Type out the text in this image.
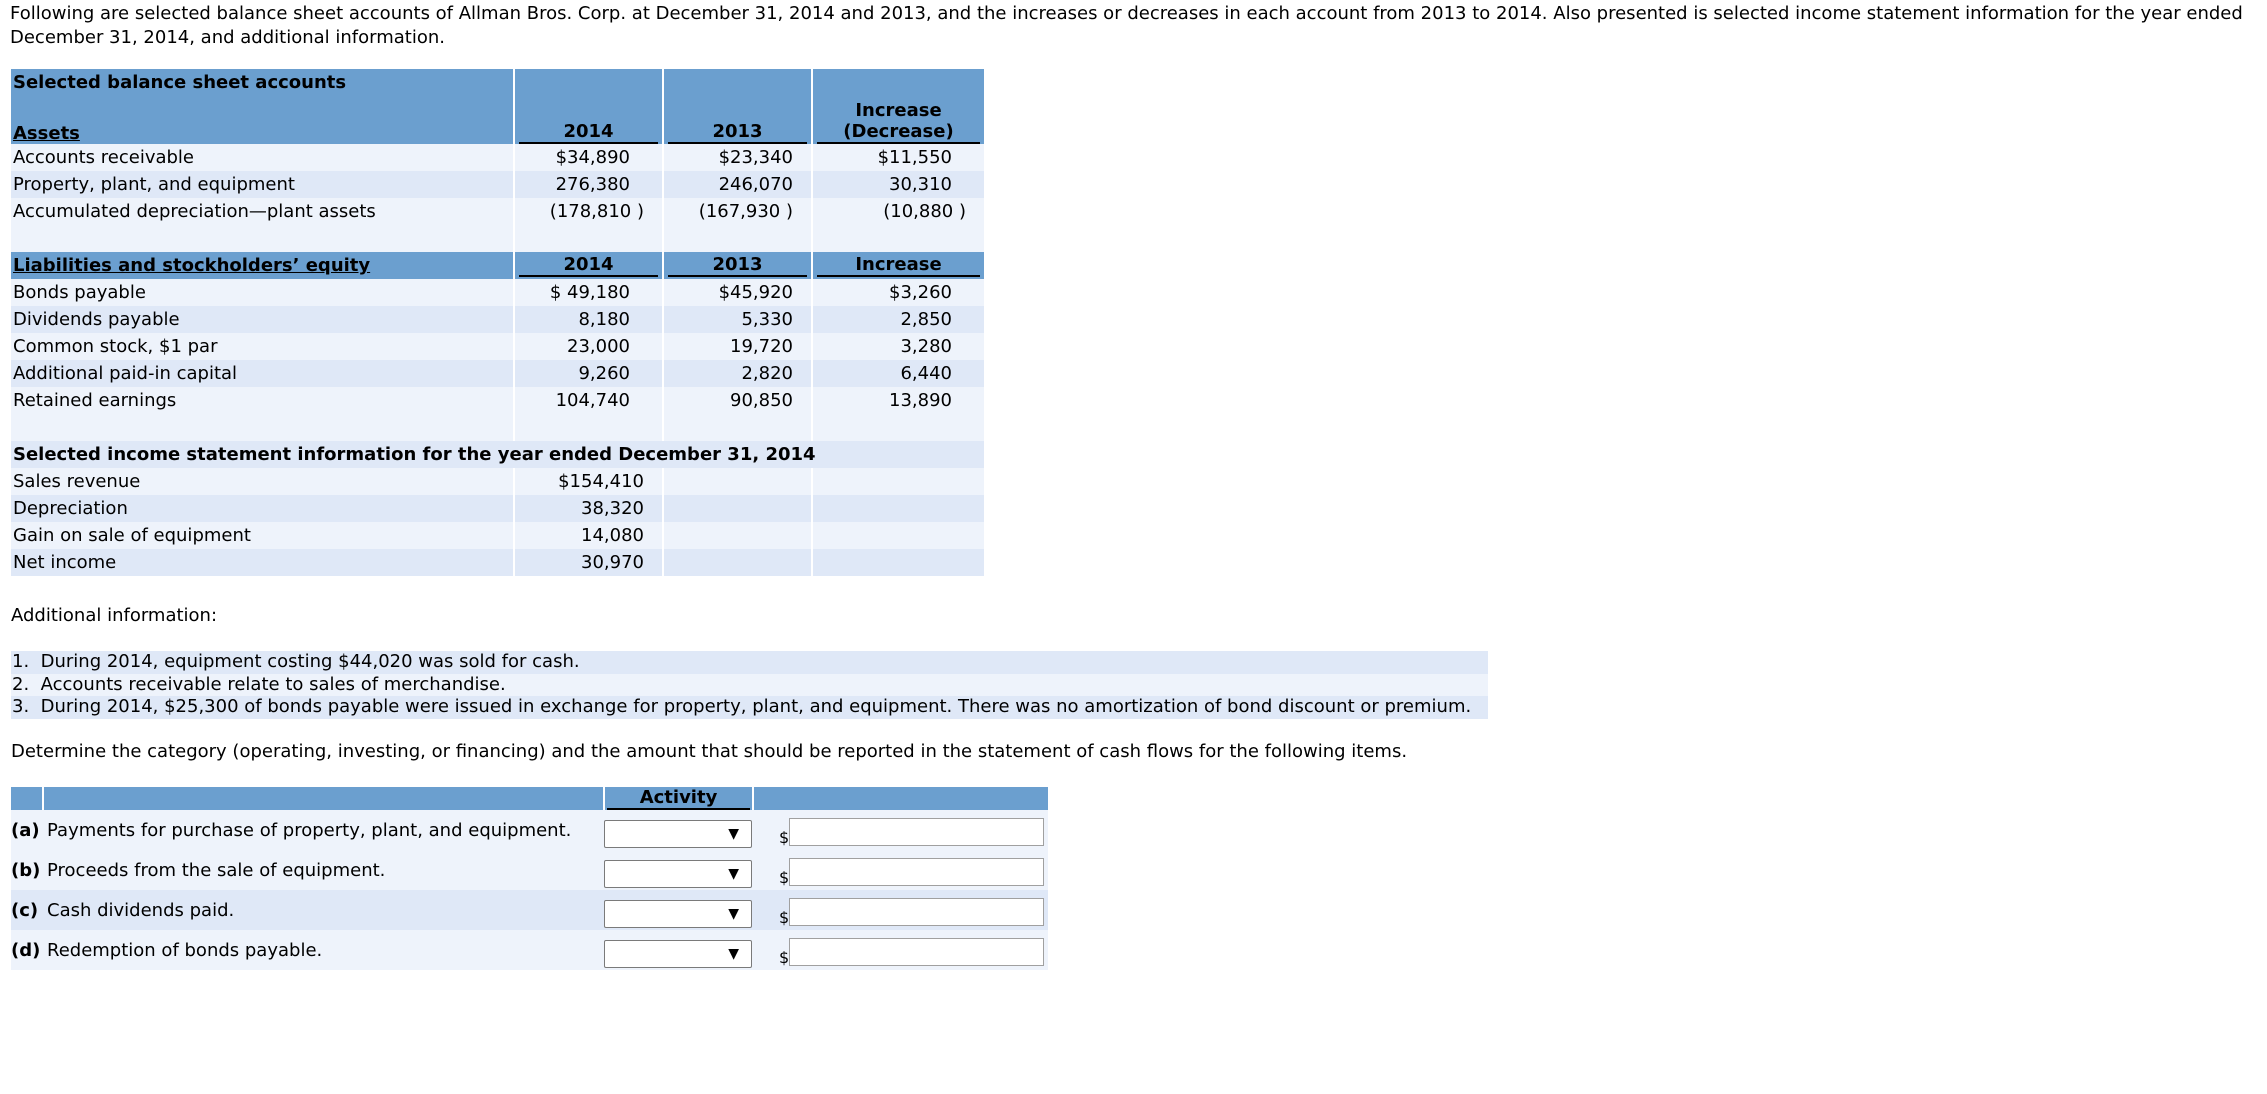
Following are selected balance sheet accounts of Allman Bros. Corp. at December 31, 2014 and 2013, and the increases or decreases in each account from 2013 to 2014. Also presented is selected income statement information for the year ended December 31, 2014, and additional information.
Selected balance sheet accounts			
Assets	2014	2013	Increase
(Decrease)

Accounts receivable	$34,890	$23,340	$11,550
Property, plant, and equipment	276,380	246,070	30,310
Accumulated depreciation—plant assets	(178,810 )	(167,930 )	(10,880 )

Liabilities and stockholders’ equity	2014	2013	Increase

Bonds payable	$ 49,180	$45,920	$3,260
Dividends payable	8,180	5,330	2,850
Common stock, $1 par	23,000	19,720	3,280
Additional paid-in capital	9,260	2,820	6,440
Retained earnings	104,740	90,850	13,890

Selected income statement information for the year ended December 31, 2014			
Sales revenue	$154,410		
Depreciation	38,320		
Gain on sale of equipment	14,080		
Net income	30,970		
Additional information:
1.  During 2014, equipment costing $44,020 was sold for cash.
2.  Accounts receivable relate to sales of merchandise.
3.  During 2014, $25,300 of bonds payable were issued in exchange for property, plant, and equipment. There was no amortization of bond discount or premium.
Determine the category (operating, investing, or financing) and the amount that should be reported in the statement of cash flows for the following items.

		Activity	

(a)	Payments for purchase of property, plant, and equipment.	▼	$
(b)	Proceeds from the sale of equipment.	▼	$
(c)	Cash dividends paid.	▼	$
(d)	Redemption of bonds payable.	▼	$
